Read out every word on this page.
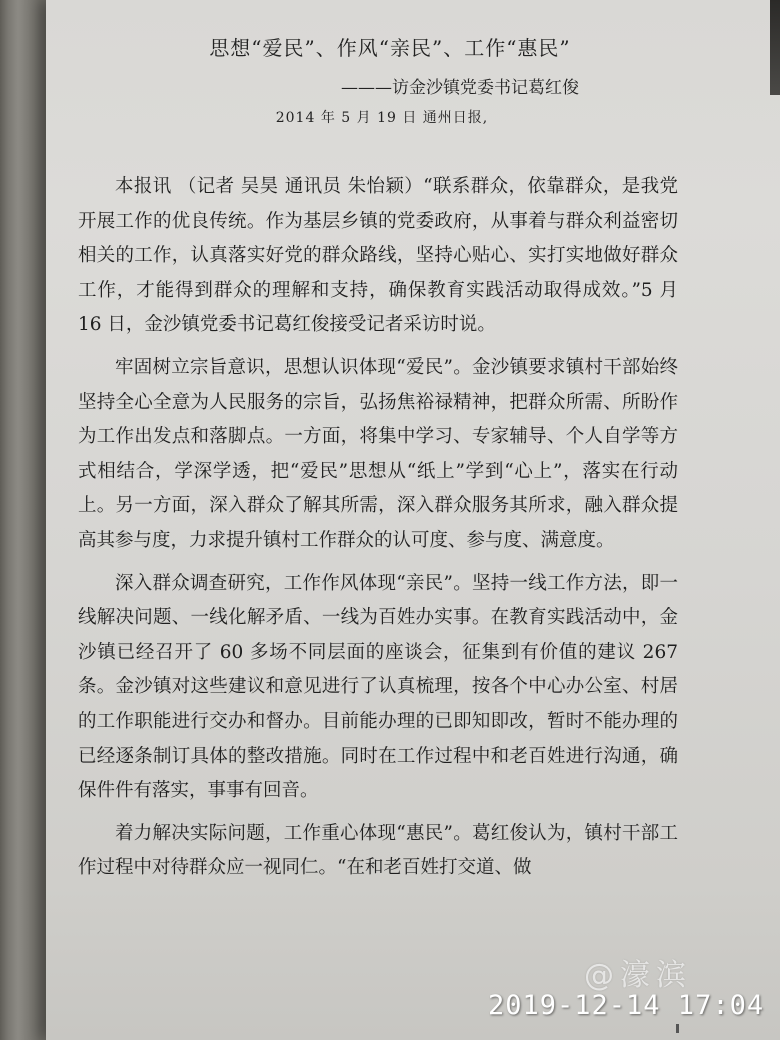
思想“爱民”、作风“亲民”、工作“惠民”
———访金沙镇党委书记葛红俊
2014 年 5 月 19 日 通州日报,

本报讯 （记者 吴昊 通讯员 朱怡颖）“联系群众，依靠群众，是我党开展工作的优良传统。作为基层乡镇的党委政府，从事着与群众利益密切相关的工作，认真落实好党的群众路线，坚持心贴心、实打实地做好群众工作，才能得到群众的理解和支持，确保教育实践活动取得成效。”5 月 16 日，金沙镇党委书记葛红俊接受记者采访时说。

牢固树立宗旨意识，思想认识体现“爱民”。金沙镇要求镇村干部始终坚持全心全意为人民服务的宗旨，弘扬焦裕禄精神，把群众所需、所盼作为工作出发点和落脚点。一方面，将集中学习、专家辅导、个人自学等方式相结合，学深学透，把“爱民”思想从“纸上”学到“心上”，落实在行动上。另一方面，深入群众了解其所需，深入群众服务其所求，融入群众提高其参与度，力求提升镇村工作群众的认可度、参与度、满意度。

深入群众调查研究，工作作风体现“亲民”。坚持一线工作方法，即一线解决问题、一线化解矛盾、一线为百姓办实事。在教育实践活动中，金沙镇已经召开了 60 多场不同层面的座谈会，征集到有价值的建议 267 条。金沙镇对这些建议和意见进行了认真梳理，按各个中心办公室、村居的工作职能进行交办和督办。目前能办理的已即知即改，暂时不能办理的已经逐条制订具体的整改措施。同时在工作过程中和老百姓进行沟通，确保件件有落实，事事有回音。

着力解决实际问题，工作重心体现“惠民”。葛红俊认为，镇村干部工作过程中对待群众应一视同仁。“在和老百姓打交道、做

@濠滨
2019-12-14 17:04
